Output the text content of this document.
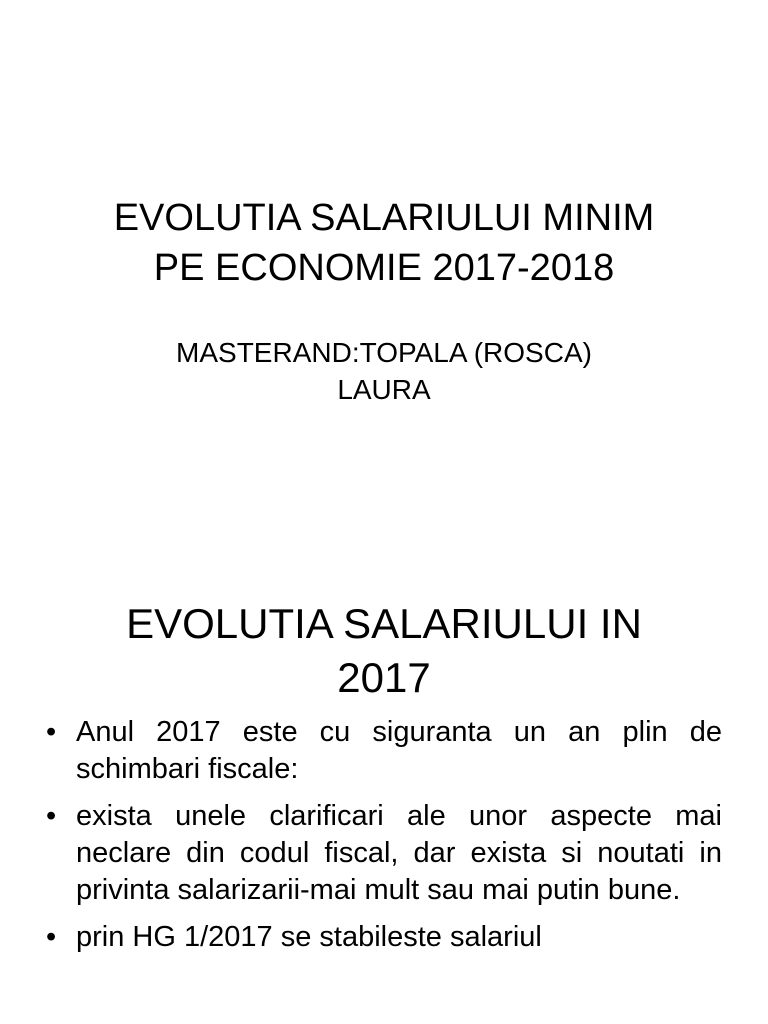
EVOLUTIA SALARIULUI MINIM
PE ECONOMIE 2017-2018
MASTERAND:TOPALA (ROSCA)
LAURA
EVOLUTIA SALARIULUI IN
2017
• Anul 2017 este cu siguranta un an plin de schimbari fiscale:
• exista unele clarificari ale unor aspecte mai neclare din codul fiscal, dar exista si noutati in privinta salarizarii-mai mult sau mai putin bune.
• prin HG 1/2017 se stabileste salariul
